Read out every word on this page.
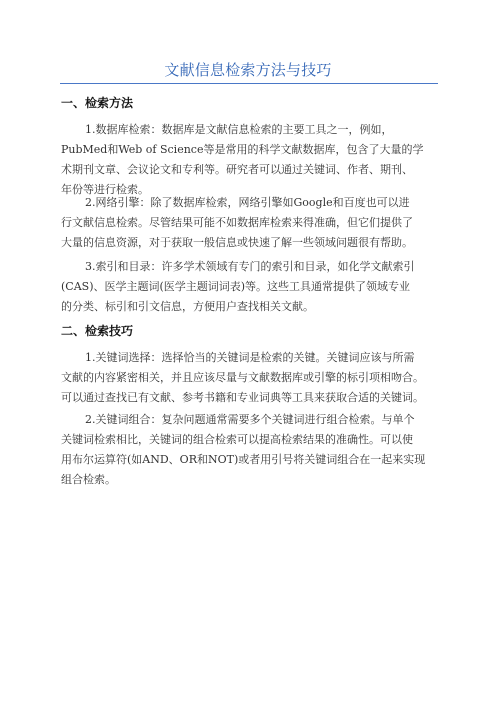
文献信息检索方法与技巧
一、检索方法
1.数据库检索：数据库是文献信息检索的主要工具之一，例如，
PubMed和Web of Science等是常用的科学文献数据库，包含了大量的学
术期刊文章、会议论文和专利等。研究者可以通过关键词、作者、期刊、
年份等进行检索。
2.网络引擎：除了数据库检索，网络引擎如Google和百度也可以进
行文献信息检索。尽管结果可能不如数据库检索来得准确，但它们提供了
大量的信息资源，对于获取一般信息或快速了解一些领域问题很有帮助。
3.索引和目录：许多学术领域有专门的索引和目录，如化学文献索引
(CAS)、医学主题词(医学主题词词表)等。这些工具通常提供了领域专业
的分类、标引和引文信息，方便用户查找相关文献。
二、检索技巧
1.关键词选择：选择恰当的关键词是检索的关键。关键词应该与所需
文献的内容紧密相关，并且应该尽量与文献数据库或引擎的标引项相吻合。
可以通过查找已有文献、参考书籍和专业词典等工具来获取合适的关键词。
2.关键词组合：复杂问题通常需要多个关键词进行组合检索。与单个
关键词检索相比，关键词的组合检索可以提高检索结果的准确性。可以使
用布尔运算符(如AND、OR和NOT)或者用引号将关键词组合在一起来实现
组合检索。
